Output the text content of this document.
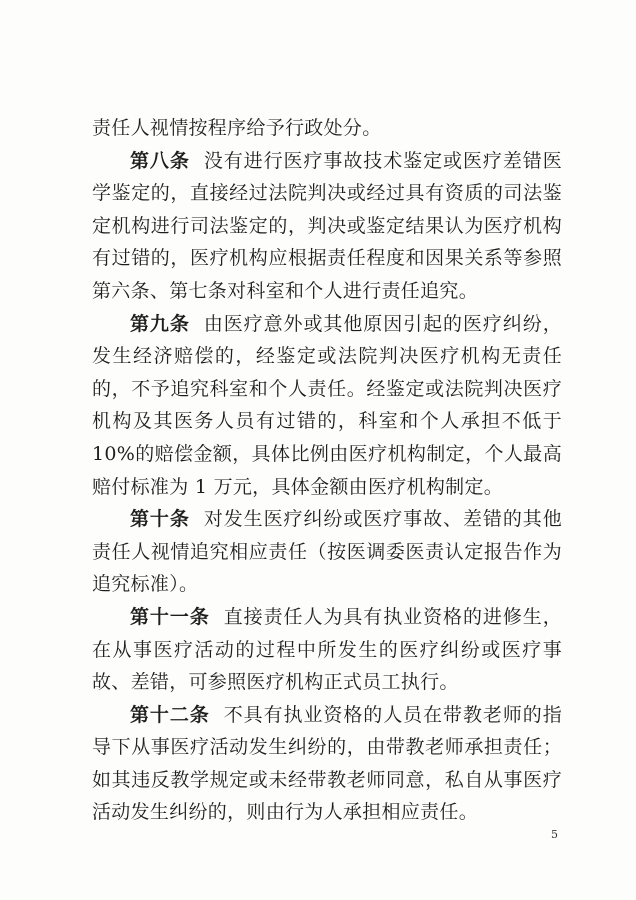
责任人视情按程序给予行政处分。

第八条 没有进行医疗事故技术鉴定或医疗差错医学鉴定的，直接经过法院判决或经过具有资质的司法鉴定机构进行司法鉴定的，判决或鉴定结果认为医疗机构有过错的，医疗机构应根据责任程度和因果关系等参照第六条、第七条对科室和个人进行责任追究。

第九条 由医疗意外或其他原因引起的医疗纠纷，发生经济赔偿的，经鉴定或法院判决医疗机构无责任的，不予追究科室和个人责任。经鉴定或法院判决医疗机构及其医务人员有过错的，科室和个人承担不低于 10%的赔偿金额，具体比例由医疗机构制定，个人最高赔付标准为 1 万元，具体金额由医疗机构制定。

第十条 对发生医疗纠纷或医疗事故、差错的其他责任人视情追究相应责任（按医调委医责认定报告作为追究标准）。

第十一条 直接责任人为具有执业资格的进修生，在从事医疗活动的过程中所发生的医疗纠纷或医疗事故、差错，可参照医疗机构正式员工执行。

第十二条 不具有执业资格的人员在带教老师的指导下从事医疗活动发生纠纷的，由带教老师承担责任；如其违反教学规定或未经带教老师同意，私自从事医疗活动发生纠纷的，则由行为人承担相应责任。

5
